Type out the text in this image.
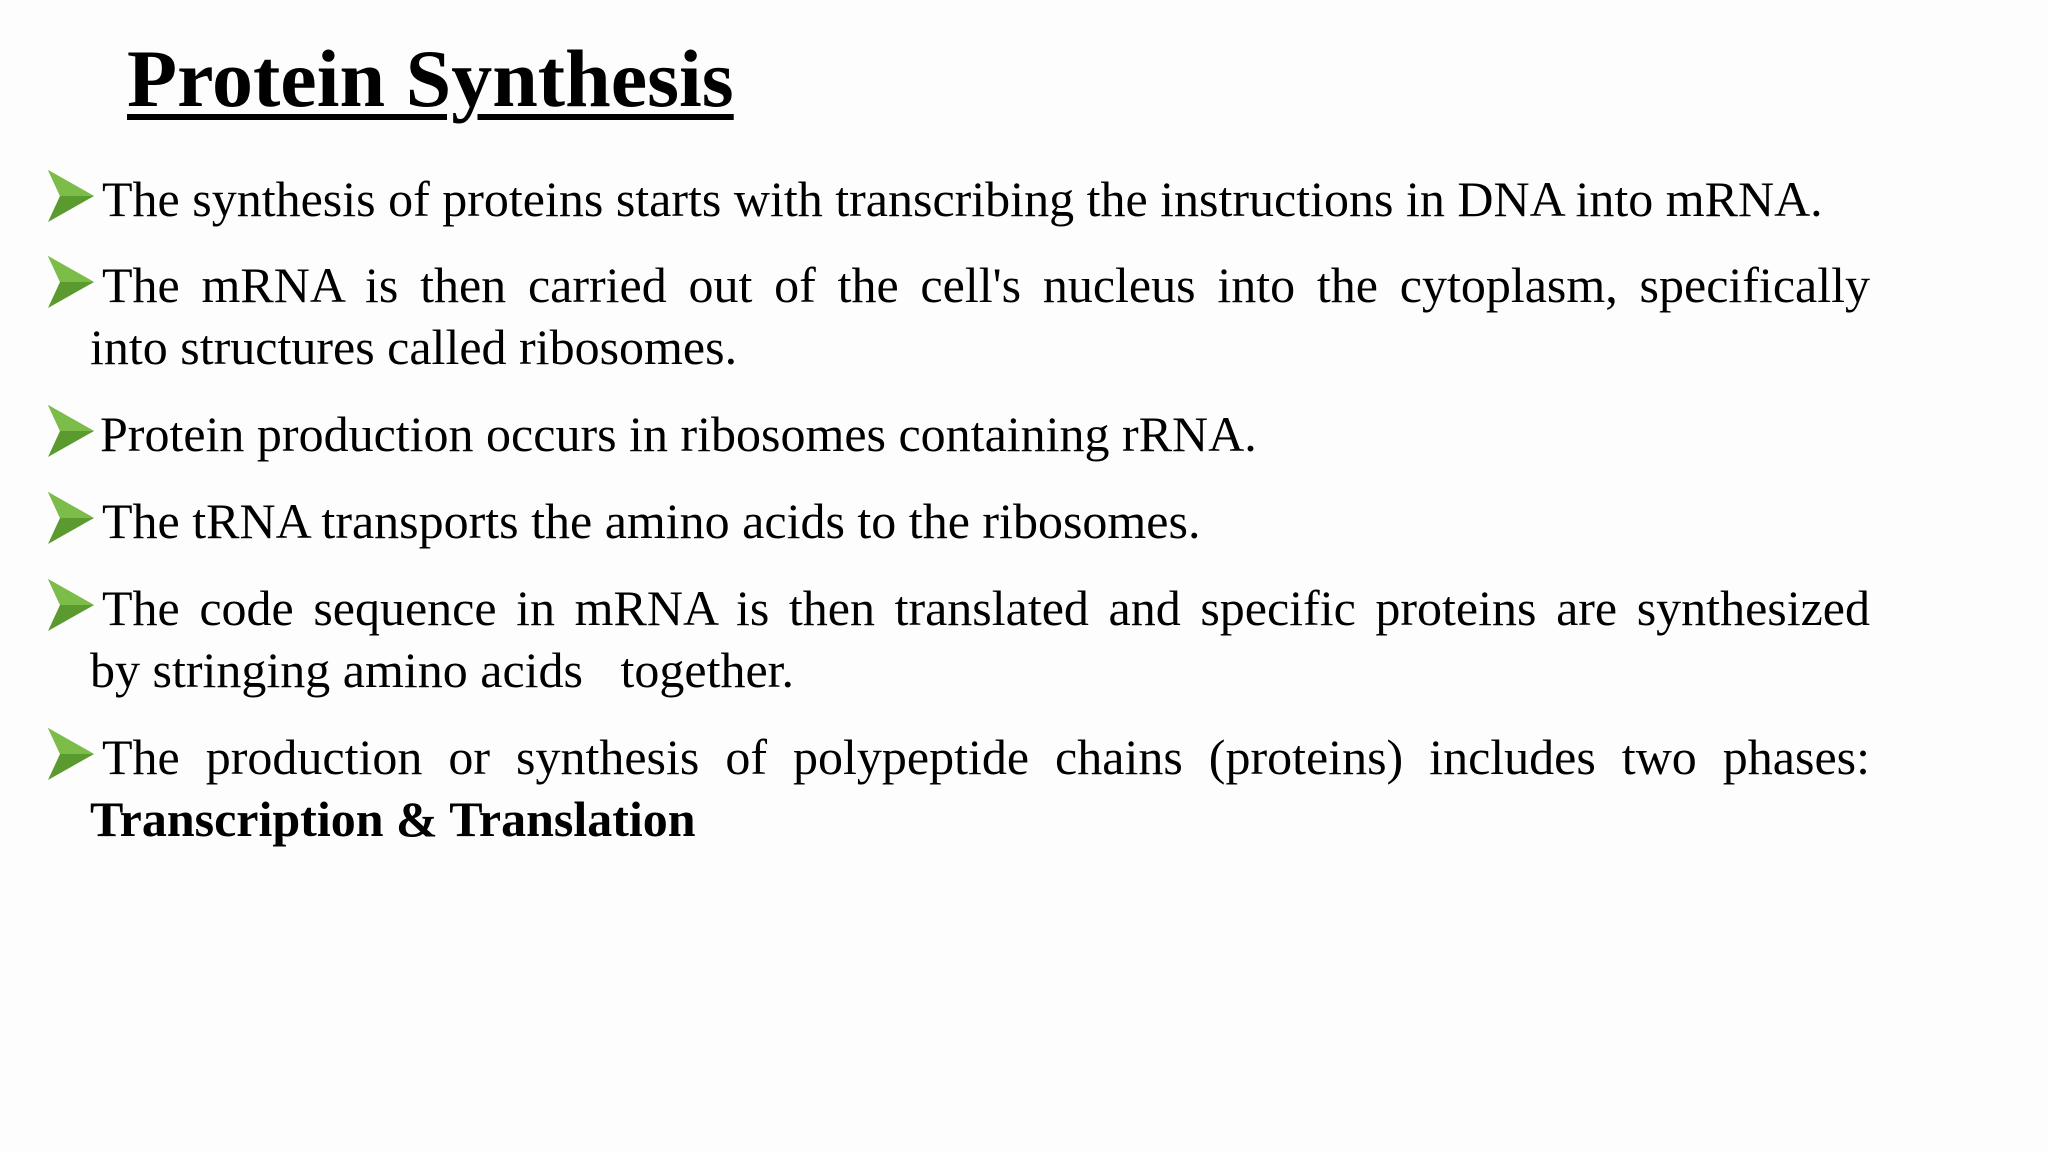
Protein Synthesis
The synthesis of proteins starts with transcribing the instructions in DNA into mRNA.
The mRNA is then carried out of the cell's nucleus into the cytoplasm, specifically
into structures called ribosomes.
Protein production occurs in ribosomes containing rRNA.
The tRNA transports the amino acids to the ribosomes.
The code sequence in mRNA is then translated and specific proteins are synthesized
by stringing amino acids   together.
The production or synthesis of polypeptide chains (proteins) includes two phases:
Transcription & Translation
